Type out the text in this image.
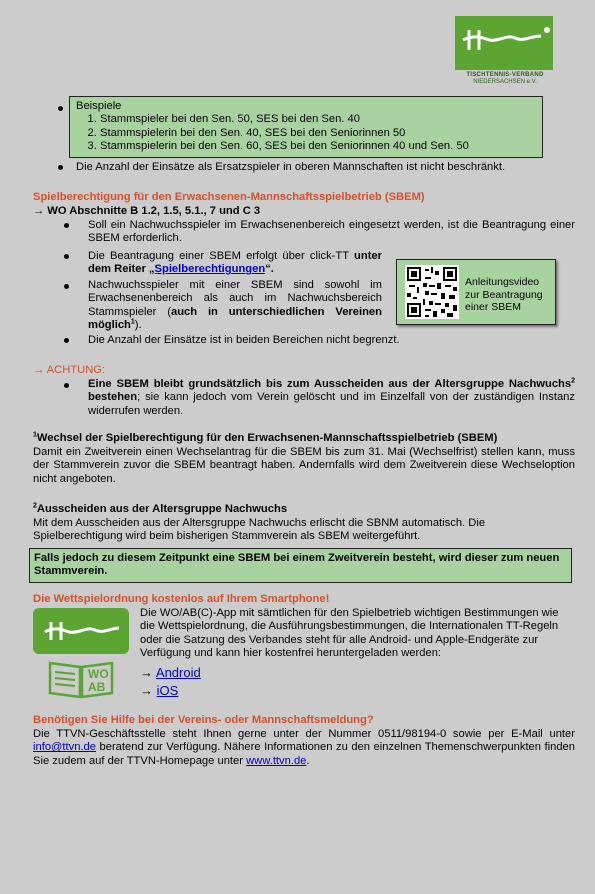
TISCHTENNIS-VERBAND
NIEDERSACHSEN e.V.
Beispiele
1. Stammspieler bei den Sen. 50, SES bei den Sen. 40
2. Stammspielerin bei den Sen. 40, SES bei den Seniorinnen 50
3. Stammspielerin bei den Sen. 60, SES bei den Seniorinnen 40 und Sen. 50
Die Anzahl der Einsätze als Ersatzspieler in oberen Mannschaften ist nicht beschränkt.
Spielberechtigung für den Erwachsenen-Mannschaftsspielbetrieb (SBEM)
→ WO Abschnitte B 1.2, 1.5, 5.1., 7 und C 3
Soll ein Nachwuchsspieler im Erwachsenenbereich eingesetzt werden, ist die Beantragung einer SBEM erforderlich.
Die Beantragung einer SBEM erfolgt über click-TT unter dem Reiter „Spielberechtigungen“.
Nachwuchsspieler mit einer SBEM sind sowohl im Erwachsenenbereich als auch im Nachwuchsbereich Stammspieler (auch in unterschiedlichen Vereinen möglich$^1$).
Die Anzahl der Einsätze ist in beiden Bereichen nicht begrenzt.
Anleitungsvideo zur Beantragung einer SBEM
→ ACHTUNG:
Eine SBEM bleibt grundsätzlich bis zum Ausscheiden aus der Altersgruppe Nachwuchs$^2$ bestehen; sie kann jedoch vom Verein gelöscht und im Einzelfall von der zuständigen Instanz widerrufen werden.
$^1$Wechsel der Spielberechtigung für den Erwachsenen-Mannschaftsspielbetrieb (SBEM)
Damit ein Zweitverein einen Wechselantrag für die SBEM bis zum 31. Mai (Wechselfrist) stellen kann, muss der Stammverein zuvor die SBEM beantragt haben. Andernfalls wird dem Zweitverein diese Wechseloption nicht angeboten.
$^2$Ausscheiden aus der Altersgruppe Nachwuchs
Mit dem Ausscheiden aus der Altersgruppe Nachwuchs erlischt die SBNM automatisch. Die Spielberechtigung wird beim bisherigen Stammverein als SBEM weitergeführt.
Falls jedoch zu diesem Zeitpunkt eine SBEM bei einem Zweitverein besteht, wird dieser zum neuen Stammverein.
Die Wettspielordnung kostenlos auf Ihrem Smartphone!
WO
AB
Die WO/AB(C)-App mit sämtlichen für den Spielbetrieb wichtigen Bestimmungen wie die Wettspielordnung, die Ausführungsbestimmungen, die Internationalen TT-Regeln oder die Satzung des Verbandes steht für alle Android- und Apple-Endgeräte zur Verfügung und kann hier kostenfrei heruntergeladen werden:
→ Android
→ iOS
Benötigen Sie Hilfe bei der Vereins- oder Mannschaftsmeldung?
Die TTVN-Geschäftsstelle steht Ihnen gerne unter der Nummer 0511/98194-0 sowie per E-Mail unter info@ttvn.de beratend zur Verfügung. Nähere Informationen zu den einzelnen Themenschwerpunkten finden Sie zudem auf der TTVN-Homepage unter www.ttvn.de.
